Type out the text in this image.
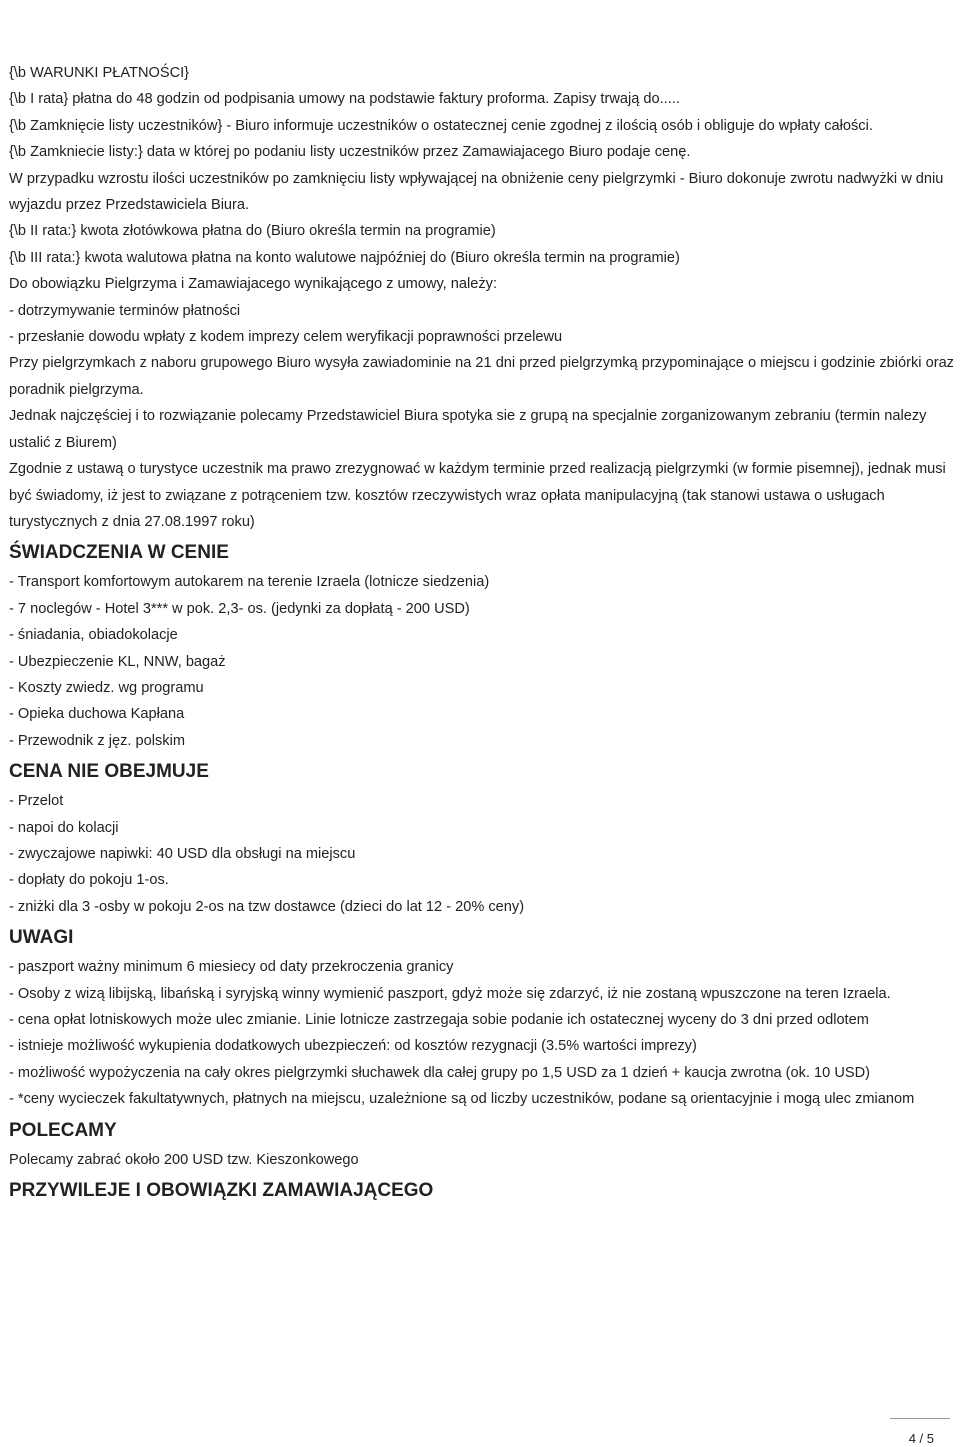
{\b WARUNKI PŁATNOŚCI}

{\b I rata} płatna do 48 godzin od podpisania umowy na podstawie faktury proforma. Zapisy trwają do.....

{\b Zamknięcie listy uczestników} - Biuro informuje uczestników o ostatecznej cenie zgodnej z ilością osób i obliguje do wpłaty całości.

{\b Zamkniecie listy:} data w której po podaniu listy uczestników przez Zamawiajacego Biuro podaje cenę.

W przypadku wzrostu ilości uczestników po zamknięciu listy wpływającej na obniżenie ceny pielgrzymki - Biuro dokonuje zwrotu nadwyżki w dniu wyjazdu przez Przedstawiciela Biura.

{\b II rata:} kwota złotówkowa płatna do (Biuro określa termin na programie)

{\b III rata:} kwota walutowa płatna na konto walutowe najpóźniej do (Biuro określa termin na programie)

Do obowiązku Pielgrzyma i Zamawiajacego wynikającego z umowy, należy:

- dotrzymywanie terminów płatności

- przesłanie dowodu wpłaty z kodem imprezy celem weryfikacji poprawności przelewu

Przy pielgrzymkach z naboru grupowego Biuro wysyła zawiadominie na 21 dni przed pielgrzymką przypominające o miejscu i godzinie zbiórki oraz poradnik pielgrzyma.

Jednak najczęściej i to rozwiązanie polecamy Przedstawiciel Biura spotyka sie z grupą na specjalnie zorganizowanym zebraniu (termin nalezy ustalić z Biurem)

Zgodnie z ustawą o turystyce uczestnik ma prawo zrezygnować w każdym terminie przed realizacją pielgrzymki (w formie pisemnej), jednak musi być świadomy, iż jest to związane z potrąceniem tzw. kosztów rzeczywistych wraz opłata manipulacyjną (tak stanowi ustawa o usługach turystycznych z dnia 27.08.1997 roku)

ŚWIADCZENIA W CENIE

- Transport komfortowym autokarem na terenie Izraela (lotnicze siedzenia)

- 7 noclegów - Hotel 3*** w pok. 2,3- os. (jedynki za dopłatą - 200 USD)

- śniadania, obiadokolacje

- Ubezpieczenie KL, NNW, bagaż

- Koszty zwiedz. wg programu

- Opieka duchowa Kapłana

- Przewodnik z jęz. polskim

CENA NIE OBEJMUJE

- Przelot

- napoi do kolacji

- zwyczajowe napiwki: 40 USD dla obsługi na miejscu

- dopłaty do pokoju 1-os.

- zniżki dla 3 -osby w pokoju 2-os na tzw dostawce (dzieci do lat 12 - 20% ceny)

UWAGI

- paszport ważny minimum 6 miesiecy od daty przekroczenia granicy

- Osoby z wizą libijską, libańską i syryjską winny wymienić paszport, gdyż może się zdarzyć, iż nie zostaną wpuszczone na teren Izraela.

- cena opłat lotniskowych może ulec zmianie. Linie lotnicze zastrzegaja sobie podanie ich ostatecznej wyceny do 3 dni przed odlotem

- istnieje możliwość wykupienia dodatkowych ubezpieczeń: od kosztów rezygnacji (3.5% wartości imprezy)

- możliwość wypożyczenia na cały okres pielgrzymki słuchawek dla całej grupy po 1,5 USD za 1 dzień + kaucja zwrotna (ok. 10 USD)

- *ceny wycieczek fakultatywnych, płatnych na miejscu, uzależnione są od liczby uczestników, podane są orientacyjnie i mogą ulec zmianom

POLECAMY

Polecamy zabrać około 200 USD tzw. Kieszonkowego

PRZYWILEJE I OBOWIĄZKI ZAMAWIAJĄCEGO
4 / 5
